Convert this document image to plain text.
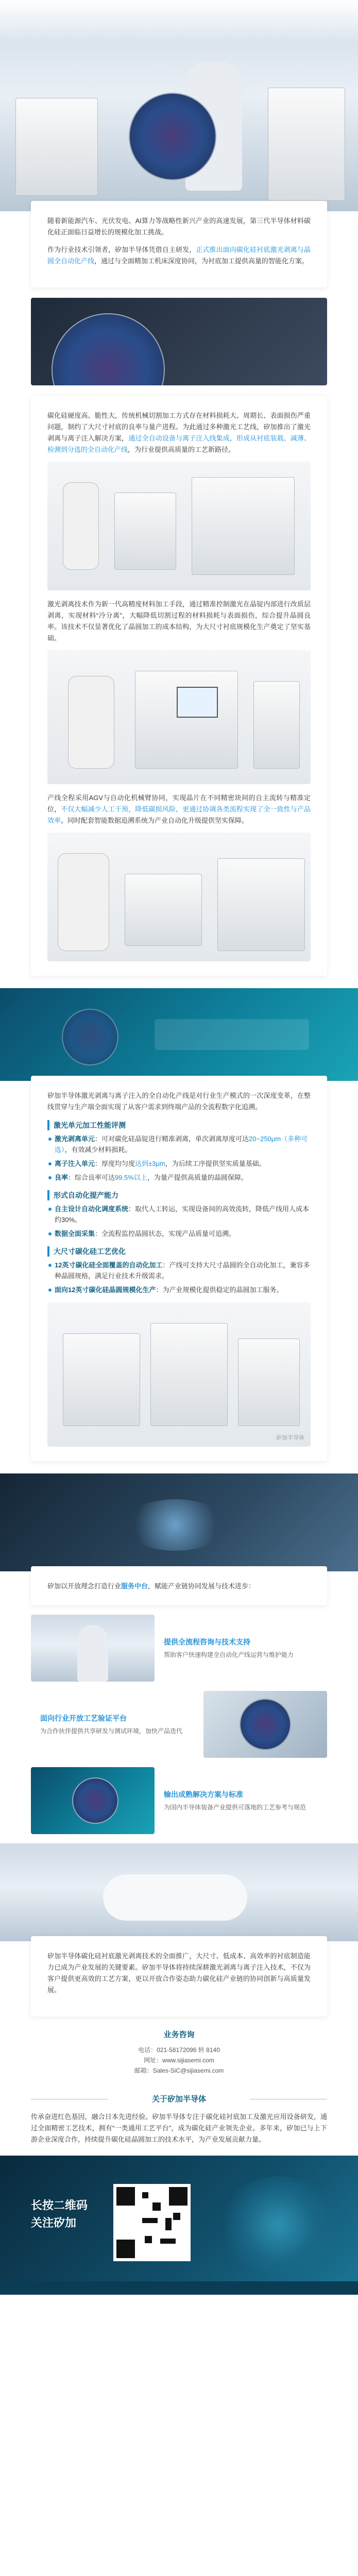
随着新能源汽车、光伏发电、AI算力等战略性新兴产业的高速发展，第三代半导体材料碳化硅正面临日益增长的规模化加工挑战。

作为行业技术引领者，矽加半导体凭借自主研发，正式推出面向碳化硅衬底激光剥离与晶圆全自动化产线，通过与全面精加工机床深度协同，为衬底加工提供高量的智能化方案。

碳化硅硬度高、脆性大，传统机械切割加工方式存在材料损耗大、周期长、表面损伤严重问题，制约了大尺寸衬底的良率与量产进程。为此通过多种激光工艺线，矽加推出了激光剥离与离子注入解决方案，通过全自动设备与离子注入线集成，形成从衬底装载、减薄、检测到分选的全自动化产线，为行业提供高质量的工艺新路径。

激光剥离技术作为新一代高精度材料加工手段，通过精准控制激光在晶锭内部进行改质层剥离，实现材料“冷分离”，大幅降低切割过程的材料损耗与表面损伤，综合提升晶圆良率。该技术不仅显著优化了晶圆加工的成本结构，为大尺寸衬底规模化生产奠定了坚实基础。

产线全程采用AGV与自动化机械臂协同，实现晶片在不同精密块间的自主流转与精准定位，不仅大幅减少人工干预，降低碳损风险，更通过协调各类流程实现了全一致性与产品效率。同时配套智能数据追溯系统为产业自动化升级提供坚实保障。

矽加半导体激光剥离与离子注入的全自动化产线是对行业生产模式的一次深度变革，在整线贯穿与生产端全面实现了从客户需求到终端产品的全流程数字化追溯。

激光单元加工性能评测
激光剥离单元：可对碳化硅晶锭进行精准剥离，单次剥离厚度可达20~250μm（多种可选），有效减少材料损耗。
离子注入单元：厚度均匀度达到±3μm，为后续工序提供坚实质量基础。
良率：综合良率可达99.5%以上，为量产提供高质量的晶圆保障。
形式自动化提产能力
自主设计自动化调度系统：取代人工转运，实现设备间的高效流转，降低产线用人成本约30%。
数据全面采集：全流程监控晶圆状态，实现产品质量可追溯。
大尺寸碳化硅工艺优化
12英寸碳化硅全面覆盖的自动化加工：产线可支持大尺寸晶圆的全自动化加工，兼容多种晶圆规格，满足行业技术升级需求。
面向12英寸碳化硅晶圆规模化生产：为产业规模化提供稳定的晶圆加工服务。
矽加半导体

矽加以开放理念打造行业服务中台，赋能产业链协同发展与技术进步：

提供全流程咨询与技术支持
帮助客户快速构建全自动化产线运营与维护能力
面向行业开放工艺验证平台
为合作伙伴提供共享研发与测试环境，加快产品迭代
输出成熟解决方案与标准
为国内半导体装备产业提供可落地的工艺参考与规范

矽加半导体碳化硅衬底激光剥离技术的全面推广，大尺寸、低成本、高效率的衬底制造能力已成为产业发展的关键要素。矽加半导体将持续深耕激光剥离与离子注入技术，不仅为客户提供更高效的工艺方案，更以开放合作姿态助力碳化硅产业链的协同创新与高质量发展。

业务咨询
电话：021-58172096 转 8140
网址：www.sijiasemi.com
邮箱：Sales-SiC@sijiasemi.com
关于矽加半导体

传承奋进红色基因，融合日本先进经验。矽加半导体专注于碳化硅衬底加工及激光应用设备研发，通过全面精密工艺技术，拥有“一类通用工艺平台”，成为碳化硅产业领先企业。多年来，矽加已与上下游企业深度合作，持续提升碳化硅晶圆加工的技术水平，为产业发展贡献力量。

长按二维码
关注矽加
